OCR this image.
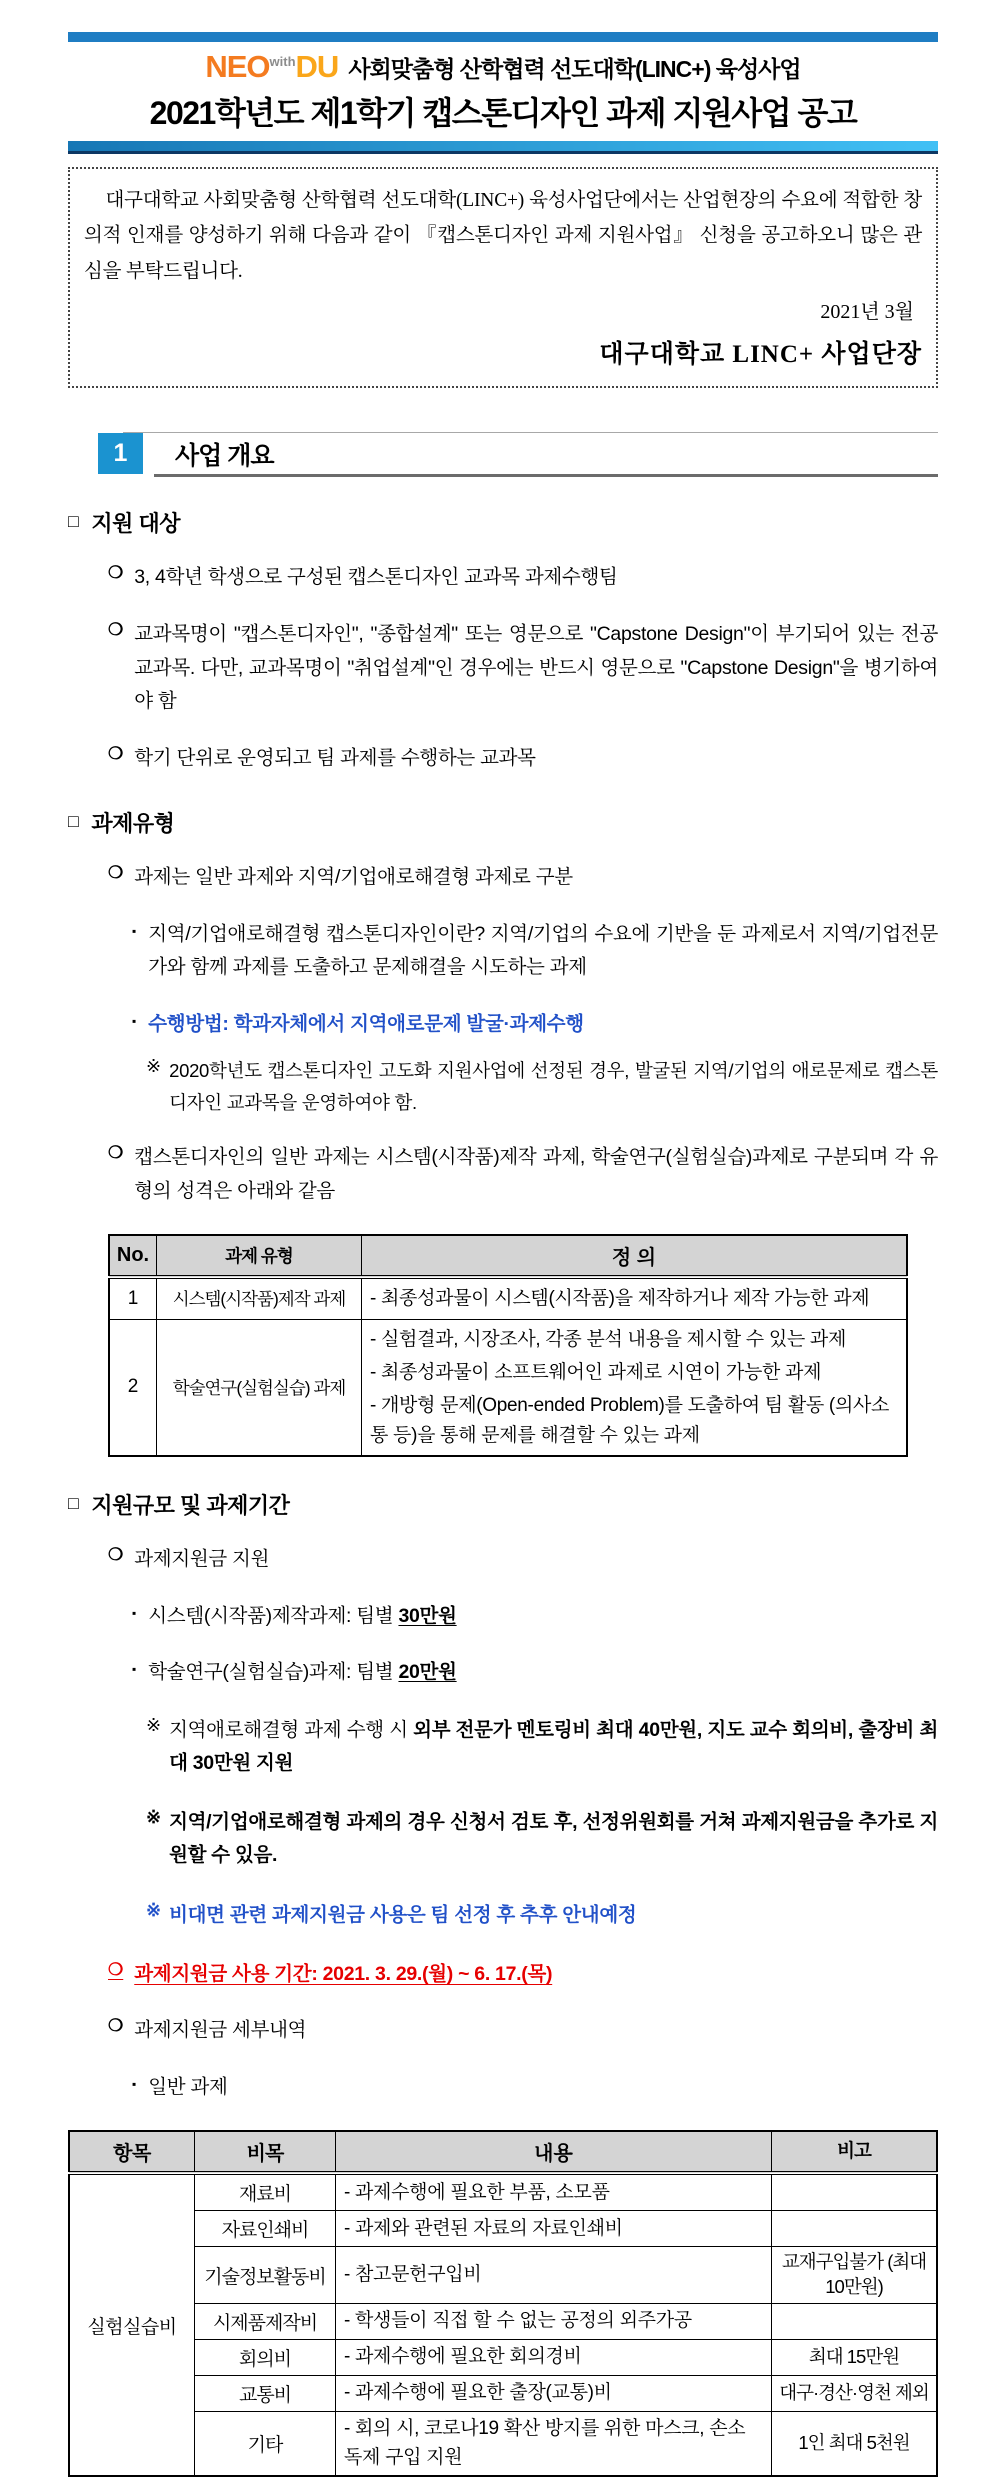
$NEO^{with}DU$ 사회맞춤형 산학협력 선도대학(LINC+) 육성사업
2021학년도 제1학기 캡스톤디자인 과제 지원사업 공고
대구대학교 사회맞춤형 산학협력 선도대학(LINC+) 육성사업단에서는 산업현장의 수요에 적합한 창의적 인재를 양성하기 위해 다음과 같이 『캡스톤디자인 과제 지원사업』 신청을 공고하오니 많은 관심을 부탁드립니다.
2021년 3월
대구대학교 LINC+ 사업단장
1	사업 개요
□ 지원 대상
❍ 3, 4학년 학생으로 구성된 캡스톤디자인 교과목 과제수행팀
❍ 교과목명이 "캡스톤디자인", "종합설계" 또는 영문으로 "Capstone Design"이 부기되어 있는 전공 교과목. 다만, 교과목명이 "취업설계"인 경우에는 반드시 영문으로 "Capstone Design"을 병기하여야 함
❍ 학기 단위로 운영되고 팀 과제를 수행하는 교과목
□ 과제유형
❍ 과제는 일반 과제와 지역/기업애로해결형 과제로 구분
▪ 지역/기업애로해결형 캡스톤디자인이란? 지역/기업의 수요에 기반을 둔 과제로서 지역/기업전문가와 함께 과제를 도출하고 문제해결을 시도하는 과제
▪ 수행방법: 학과자체에서 지역애로문제 발굴·과제수행
※ 2020학년도 캡스톤디자인 고도화 지원사업에 선정된 경우, 발굴된 지역/기업의 애로문제로 캡스톤디자인 교과목을 운영하여야 함.
❍ 캡스톤디자인의 일반 과제는 시스템(시작품)제작 과제, 학술연구(실험실습)과제로 구분되며 각 유형의 성격은 아래와 같음
No.	과제 유형	정 의
1	시스템(시작품)제작 과제	- 최종성과물이 시스템(시작품)을 제작하거나 제작 가능한 과제

2	학술연구(실험실습) 과제	- 실험결과, 시장조사, 각종 분석 내용을 제시할 수 있는 과제
- 최종성과물이 소프트웨어인 과제로 시연이 가능한 과제
- 개방형 문제(Open-ended Problem)를 도출하여 팀 활동 (의사소통 등)을 통해 문제를 해결할 수 있는 과제
□ 지원규모 및 과제기간
❍ 과제지원금 지원
▪ 시스템(시작품)제작과제: 팀별 30만원
▪ 학술연구(실험실습)과제: 팀별 20만원
※ 지역애로해결형 과제 수행 시 외부 전문가 멘토링비 최대 40만원, 지도 교수 회의비, 출장비 최대 30만원 지원
※ 지역/기업애로해결형 과제의 경우 신청서 검토 후, 선정위원회를 거쳐 과제지원금을 추가로 지원할 수 있음.
※ 비대면 관련 과제지원금 사용은 팀 선정 후 추후 안내예정
❍ 과제지원금 사용 기간: 2021. 3. 29.(월) ~ 6. 17.(목)
❍ 과제지원금 세부내역
▪ 일반 과제
항목	비목	내용	비고
실험실습비	재료비	- 과제수행에 필요한 부품, 소모품	
	자료인쇄비	- 과제와 관련된 자료의 자료인쇄비	
	기술정보활동비	- 참고문헌구입비	교재구입불가 (최대 10만원)
	시제품제작비	- 학생들이 직접 할 수 없는 공정의 외주가공	
	회의비	- 과제수행에 필요한 회의경비	최대 15만원
	교통비	- 과제수행에 필요한 출장(교통)비	대구·경산·영천 제외
	기타	- 회의 시, 코로나19 확산 방지를 위한 마스크, 손소독제 구입 지원	1인 최대 5천원
